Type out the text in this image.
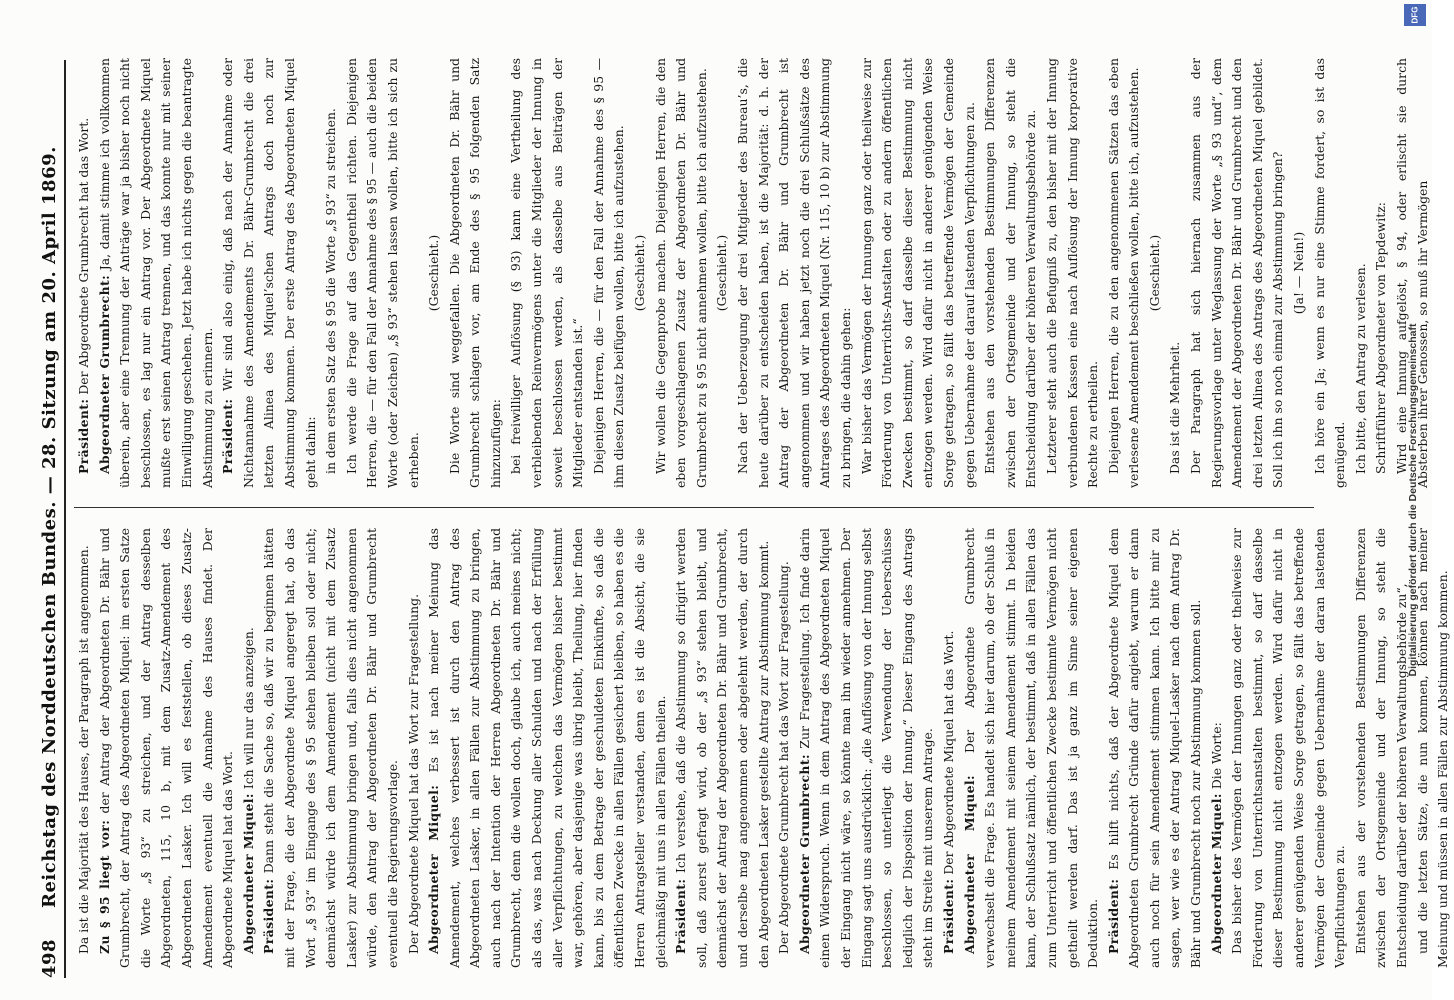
498
Reichstag des Norddeutschen Bundes. — 28. Sitzung am 20. April 1869. Da ist die Majorität des Hauses, der Paragraph ist angenommen. Zu § 95 liegt vor: der Antrag der Abgeordneten Dr. Bähr und Grumbrecht, der Antrag des Abgeordneten Miquel: im ersten Satze die Worte „§ 93“ zu streichen, und der Antrag desselben Abgeordneten, 115, 10 b, mit dem Zusatz-Amendement des Abgeordneten Lasker. Ich will es feststellen, ob dieses Zusatz-Amendement eventuell die Annahme des Hauses findet. Der Abgeordnete Miquel hat das Wort. Abgeordneter Miquel: Ich will nur das anzeigen.

Präsident: Dann steht die Sache so, daß wir zu beginnen hätten mit der Frage, die der Abgeordnete Miquel angeregt hat, ob das Wort „§ 93“ im Eingange des § 95 stehen bleiben soll oder nicht; demnächst würde ich dem Amendement (nicht mit dem Zusatz Lasker) zur Abstimmung bringen und, falls dies nicht angenommen würde, den Antrag der Abgeordneten Dr. Bähr und Grumbrecht eventuell die Regierungsvorlage. Der Abgeordnete Miquel hat das Wort zur Fragestellung. Abgeordneter Miquel: Es ist nach meiner Meinung das Amendement, welches verbessert ist durch den Antrag des Abgeordneten Lasker, in allen Fällen zur Abstimmung zu bringen, auch nach der Intention der Herren Abgeordneten Dr. Bähr und Grumbrecht, denn die wollen doch, glaube ich, auch meines nicht; als das, was nach Deckung aller Schulden und nach der Erfüllung aller Verpflichtungen, zu welchen das Vermögen bisher bestimmt war, gehören, aber dasjenige was übrig bleibt, Theilung, hier finden kann, bis zu dem Betrage der geschuldeten Einkünfte, so daß die öffentlichen Zwecke in allen Fällen gesichert bleiben, so haben es die Herren Antragsteller verstanden, denn es ist die Absicht, die sie gleichmäßig mit uns in allen Fällen theilen. Präsident: Ich verstehe, daß die Abstimmung so dirigirt werden soll, daß zuerst gefragt wird, ob der „§ 93“ stehen bleibt, und demnächst der Antrag der Abgeordneten Dr. Bähr und Grumbrecht, und derselbe mag angenommen oder abgelehnt werden, der durch den Abgeordneten Lasker gestellte Antrag zur Abstimmung kommt. Der Abgeordnete Grumbrecht hat das Wort zur Fragestellung. Abgeordneter Grumbrecht: Zur Fragestellung. Ich finde darin einen Widerspruch. Wenn in dem Antrag des Abgeordneten Miquel der Eingang nicht wäre, so könnte man ihn wieder annehmen. Der Eingang sagt uns ausdrücklich: „die Auflösung von der Innung selbst beschlossen, so unterliegt die Verwendung der Ueberschüsse lediglich der Disposition der Innung.“ Dieser Eingang des Antrags steht im Streite mit unserem Antrage. Präsident: Der Abgeordnete Miquel hat das Wort. Abgeordneter Miquel: Der Abgeordnete Grumbrecht verwechselt die Frage. Es handelt sich hier darum, ob der Schluß in meinem Amendement mit seinem Amendement stimmt. In beiden kann, der Schlußsatz nämlich, der bestimmt, daß in allen Fällen das zum Unterricht und öffentlichen Zwecke bestimmte Vermögen nicht getheilt werden darf. Das ist ja ganz im Sinne seiner eigenen Deduktion. Präsident: Es hilft nichts, daß der Abgeordnete Miquel dem Abgeordneten Grumbrecht Gründe dafür angiebt, warum er dann auch noch für sein Amendement stimmen kann. Ich bitte mir zu sagen, wer wie es der Antrag Miquel-Lasker nach dem Antrag Dr. Bähr und Grumbrecht noch zur Abstimmung kommen soll. Abgeordneter Miquel: Die Worte: Das bisher des Vermögen der Innungen ganz oder theilweise zur Förderung von Unterrichtsanstalten bestimmt, so darf dasselbe dieser Bestimmung nicht entzogen werden. Wird dafür nicht in anderer genügenden Weise Sorge getragen, so fällt das betreffende Vermögen der Gemeinde gegen Uebernahme der daran lastenden Verpflichtungen zu. Entstehen aus der vorstehenden Bestimmungen Differenzen zwischen der Ortsgemeinde und der Innung, so steht die Entscheidung darüber der höheren Verwaltungsbehörde zu“, und die letzten Sätze, die nun kommen, können nach meiner Meinung und müssen in allen Fällen zur Abstimmung kommen.

Präsident: Der Abgeordnete Grumbrecht hat das Wort. Abgeordneter Grumbrecht: Ja, damit stimme ich vollkommen überein, aber eine Trennung der Anträge war ja bisher noch nicht beschlossen, es lag nur ein Antrag vor. Der Abgeordnete Miquel mußte erst seinen Antrag trennen, und das konnte nur mit seiner Einwilligung geschehen. Jetzt habe ich nichts gegen die beantragte Abstimmung zu erinnern. Präsident: Wir sind also einig, daß nach der Annahme oder Nichtannahme des Amendements Dr. Bähr-Grumbrecht die drei letzten Alinea des Miquel’schen Antrags doch noch zur Abstimmung kommen. Der erste Antrag des Abgeordneten Miquel geht dahin: in dem ersten Satz des § 95 die Worte „§ 93“ zu streichen. Ich werde die Frage auf das Gegentheil richten. Diejenigen Herren, die — für den Fall der Annahme des § 95 — auch die beiden Worte (oder Zeichen) „§ 93“ stehen lassen wollen, bitte ich sich zu erheben.

(Geschieht.) Die Worte sind weggefallen. Die Abgeordneten Dr. Bähr und Grumbrecht schlagen vor, am Ende des § 95 folgenden Satz hinzuzufügen: bei freiwilliger Auflösung (§ 93) kann eine Vertheilung des verbleibenden Reinvermögens unter die Mitglieder der Innung in soweit beschlossen werden, als dasselbe aus Beiträgen der Mitglieder entstanden ist.“ Diejenigen Herren, die — für den Fall der Annahme des § 95 — ihm diesen Zusatz beifügen wollen, bitte ich aufzustehen. (Geschieht.) Wir wollen die Gegenprobe machen. Diejenigen Herren, die den eben vorgeschlagenen Zusatz der Abgeordneten Dr. Bähr und Grumbrecht zu § 95 nicht annehmen wollen, bitte ich aufzustehen. (Geschieht.) Nach der Ueberzeugung der drei Mitglieder des Bureau’s, die heute darüber zu entscheiden haben, ist die Majorität: d. h. der Antrag der Abgeordneten Dr. Bähr und Grumbrecht ist angenommen und wir haben jetzt noch die drei Schlußsätze des Antrages des Abgeordneten Miquel (Nr. 115, 10 b) zur Abstimmung zu bringen, die dahin gehen: War bisher das Vermögen der Innungen ganz oder theilweise zur Förderung von Unterrichts-Anstalten oder zu andern öffentlichen Zwecken bestimmt, so darf dasselbe dieser Bestimmung nicht entzogen werden. Wird dafür nicht in anderer genügenden Weise Sorge getragen, so fällt das betreffende Vermögen der Gemeinde gegen Uebernahme der darauf lastenden Verpflichtungen zu. Entstehen aus den vorstehenden Bestimmungen Differenzen zwischen der Ortsgemeinde und der Innung, so steht die Entscheidung darüber der höheren Verwaltungsbehörde zu. Letzterer steht auch die Befugniß zu, den bisher mit der Innung verbundenen Kassen eine nach Auflösung der Innung korporative Rechte zu ertheilen. Diejenigen Herren, die zu den angenommenen Sätzen das eben verlesene Amendement beschließen wollen, bitte ich, aufzustehen. (Geschieht.)

Das ist die Mehrheit. Der Paragraph hat sich hiernach zusammen aus der Regierungsvorlage unter Weglassung der Worte „§ 93 und“, dem Amendement der Abgeordneten Dr. Bähr und Grumbrecht und den drei letzten Alinea des Antrags des Abgeordneten Miquel gebildet. Soll ich ihn so noch einmal zur Abstimmung bringen? (Ja! — Nein!) Ich höre ein Ja; wenn es nur eine Stimme fordert, so ist das genügend. Ich bitte, den Antrag zu verlesen. Schriftführer Abgeordneter von Tepdewitz: Wird eine Innung aufgelöst, § 94, oder erlischt sie durch Absterben ihrer Genossen, so muß ihr Vermögen

Digitalisierung gefördert durch die Deutsche Forschungsgemeinschaft
DFG
